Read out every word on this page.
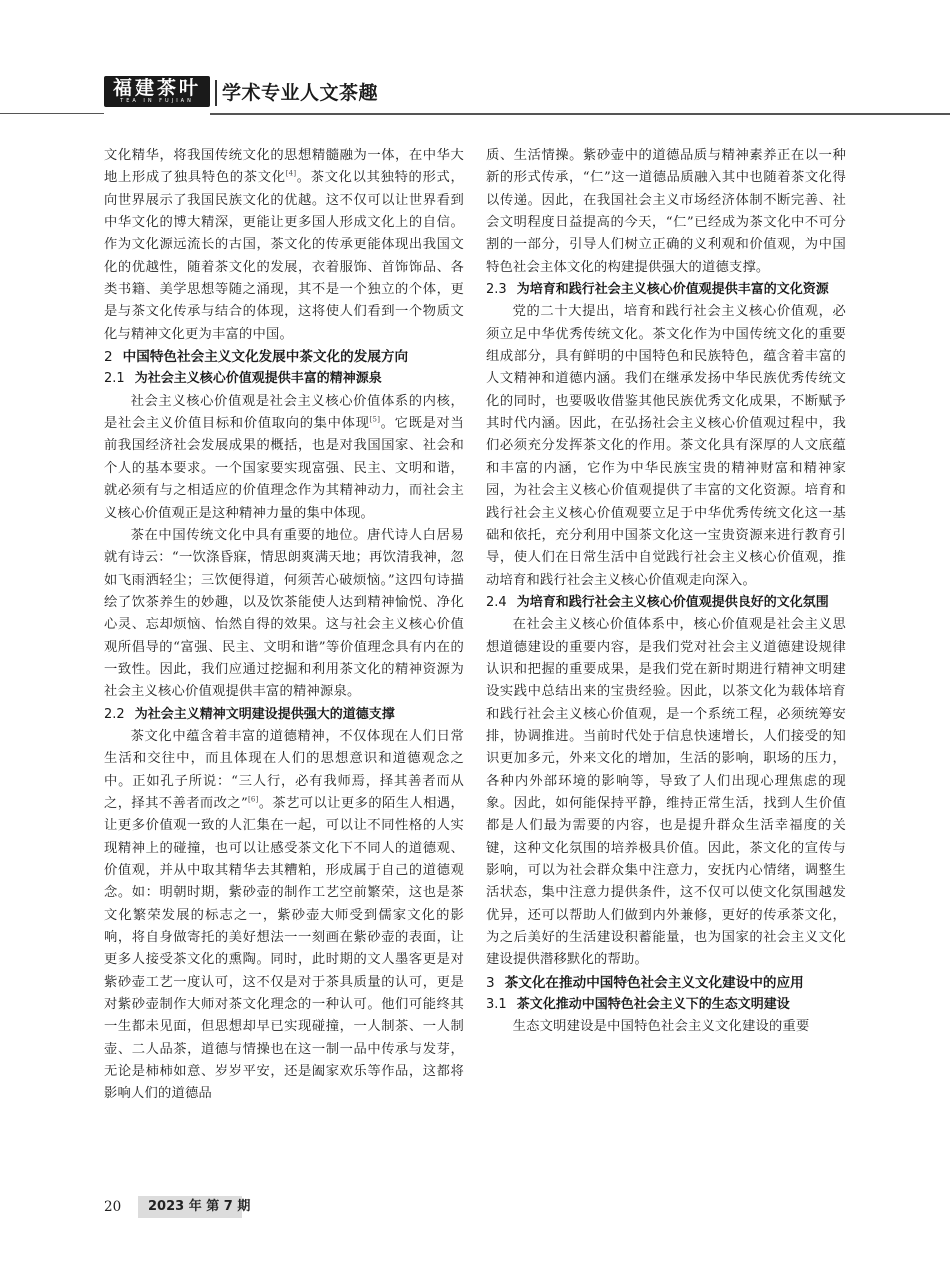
福建茶叶
TEA IN FUJIAN	学术专业人文茶趣

文化精华，将我国传统文化的思想精髓融为一体，在中华大地上形成了独具特色的茶文化[4]。茶文化以其独特的形式，向世界展示了我国民族文化的优越。这不仅可以让世界看到中华文化的博大精深，更能让更多国人形成文化上的自信。作为文化源远流长的古国，茶文化的传承更能体现出我国文化的优越性，随着茶文化的发展，衣着服饰、首饰饰品、各类书籍、美学思想等随之涌现，其不是一个独立的个体，更是与茶文化传承与结合的体现，这将使人们看到一个物质文化与精神文化更为丰富的中国。

2 中国特色社会主义文化发展中茶文化的发展方向
2.1 为社会主义核心价值观提供丰富的精神源泉

社会主义核心价值观是社会主义核心价值体系的内核，是社会主义价值目标和价值取向的集中体现[5]。它既是对当前我国经济社会发展成果的概括，也是对我国国家、社会和个人的基本要求。一个国家要实现富强、民主、文明和谐，就必须有与之相适应的价值理念作为其精神动力，而社会主义核心价值观正是这种精神力量的集中体现。

茶在中国传统文化中具有重要的地位。唐代诗人白居易就有诗云：“一饮涤昏寐，情思朗爽满天地；再饮清我神，忽如飞雨洒轻尘；三饮便得道，何须苦心破烦恼。”这四句诗描绘了饮茶养生的妙趣，以及饮茶能使人达到精神愉悦、净化心灵、忘却烦恼、怡然自得的效果。这与社会主义核心价值观所倡导的“富强、民主、文明和谐”等价值理念具有内在的一致性。因此，我们应通过挖掘和利用茶文化的精神资源为社会主义核心价值观提供丰富的精神源泉。

2.2 为社会主义精神文明建设提供强大的道德支撑

茶文化中蕴含着丰富的道德精神，不仅体现在人们日常生活和交往中，而且体现在人们的思想意识和道德观念之中。正如孔子所说：“三人行，必有我师焉，择其善者而从之，择其不善者而改之”[6]。茶艺可以让更多的陌生人相遇，让更多价值观一致的人汇集在一起，可以让不同性格的人实现精神上的碰撞，也可以让感受茶文化下不同人的道德观、价值观，并从中取其精华去其糟粕，形成属于自己的道德观念。如：明朝时期，紫砂壶的制作工艺空前繁荣，这也是茶文化繁荣发展的标志之一，紫砂壶大师受到儒家文化的影响，将自身做寄托的美好想法一一刻画在紫砂壶的表面，让更多人接受茶文化的熏陶。同时，此时期的文人墨客更是对紫砂壶工艺一度认可，这不仅是对于茶具质量的认可，更是对紫砂壶制作大师对茶文化理念的一种认可。他们可能终其一生都未见面，但思想却早已实现碰撞，一人制茶、一人制壶、二人品茶，道德与情操也在这一制一品中传承与发芽，无论是柿柿如意、岁岁平安，还是阖家欢乐等作品，这都将影响人们的道德品

质、生活情操。紫砂壶中的道德品质与精神素养正在以一种新的形式传承，“仁”这一道德品质融入其中也随着茶文化得以传递。因此，在我国社会主义市场经济体制不断完善、社会文明程度日益提高的今天，“仁”已经成为茶文化中不可分割的一部分，引导人们树立正确的义利观和价值观，为中国特色社会主体文化的构建提供强大的道德支撑。

2.3 为培育和践行社会主义核心价值观提供丰富的文化资源

党的二十大提出，培育和践行社会主义核心价值观，必须立足中华优秀传统文化。茶文化作为中国传统文化的重要组成部分，具有鲜明的中国特色和民族特色，蕴含着丰富的人文精神和道德内涵。我们在继承发扬中华民族优秀传统文化的同时，也要吸收借鉴其他民族优秀文化成果，不断赋予其时代内涵。因此，在弘扬社会主义核心价值观过程中，我们必须充分发挥茶文化的作用。茶文化具有深厚的人文底蕴和丰富的内涵，它作为中华民族宝贵的精神财富和精神家园，为社会主义核心价值观提供了丰富的文化资源。培育和践行社会主义核心价值观要立足于中华优秀传统文化这一基础和依托，充分利用中国茶文化这一宝贵资源来进行教育引导，使人们在日常生活中自觉践行社会主义核心价值观，推动培育和践行社会主义核心价值观走向深入。

2.4 为培育和践行社会主义核心价值观提供良好的文化氛围

在社会主义核心价值体系中，核心价值观是社会主义思想道德建设的重要内容，是我们党对社会主义道德建设规律认识和把握的重要成果，是我们党在新时期进行精神文明建设实践中总结出来的宝贵经验。因此，以茶文化为载体培育和践行社会主义核心价值观，是一个系统工程，必须统筹安排，协调推进。当前时代处于信息快速增长，人们接受的知识更加多元，外来文化的增加，生活的影响，职场的压力，各种内外部环境的影响等，导致了人们出现心理焦虑的现象。因此，如何能保持平静，维持正常生活，找到人生价值都是人们最为需要的内容，也是提升群众生活幸福度的关键，这种文化氛围的培养极具价值。因此，茶文化的宣传与影响，可以为社会群众集中注意力，安抚内心情绪，调整生活状态，集中注意力提供条件，这不仅可以使文化氛围越发优异，还可以帮助人们做到内外兼修，更好的传承茶文化，为之后美好的生活建设积蓄能量，也为国家的社会主义文化建设提供潜移默化的帮助。

3 茶文化在推动中国特色社会主义文化建设中的应用
3.1 茶文化推动中国特色社会主义下的生态文明建设

生态文明建设是中国特色社会主义文化建设的重要

20 2023 年 第 7 期
